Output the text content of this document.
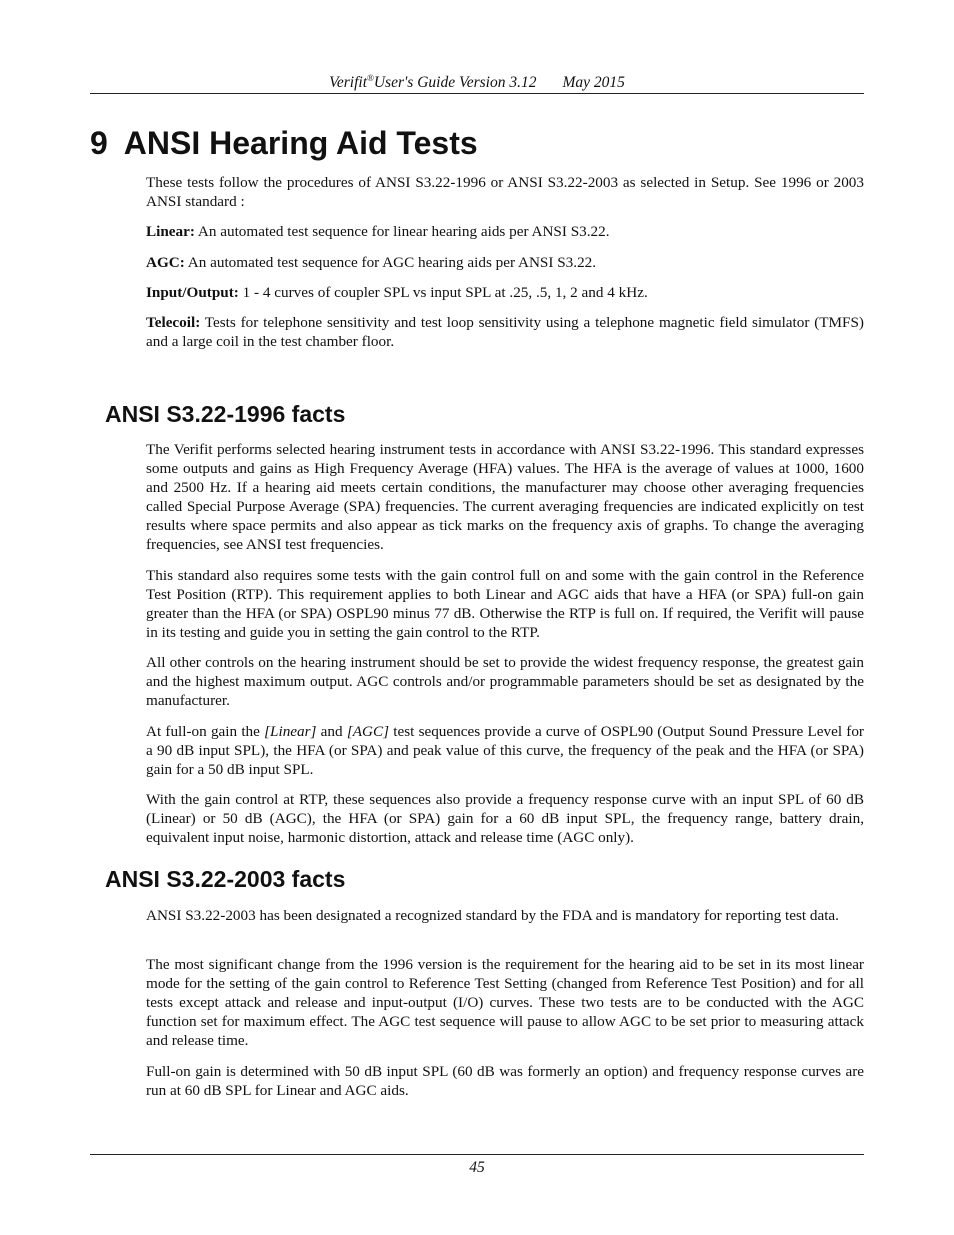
Verifit®User's Guide Version 3.12 May 2015
9 ANSI Hearing Aid Tests

These tests follow the procedures of ANSI S3.22-1996 or ANSI S3.22-2003 as selected in Setup. See 1996 or 2003 ANSI standard :

Linear: An automated test sequence for linear hearing aids per ANSI S3.22.

AGC: An automated test sequence for AGC hearing aids per ANSI S3.22.

Input/Output: 1 - 4 curves of coupler SPL vs input SPL at .25, .5, 1, 2 and 4 kHz.

Telecoil: Tests for telephone sensitivity and test loop sensitivity using a telephone magnetic field simulator (TMFS) and a large coil in the test chamber floor.

ANSI S3.22-1996 facts

The Verifit performs selected hearing instrument tests in accordance with ANSI S3.22-1996. This standard expresses some outputs and gains as High Frequency Average (HFA) values. The HFA is the average of values at 1000, 1600 and 2500 Hz. If a hearing aid meets certain conditions, the manufacturer may choose other averaging frequencies called Special Purpose Average (SPA) frequencies. The current averaging frequencies are indicated explicitly on test results where space permits and also appear as tick marks on the frequency axis of graphs. To change the averaging frequencies, see ANSI test frequencies.

This standard also requires some tests with the gain control full on and some with the gain control in the Reference Test Position (RTP). This requirement applies to both Linear and AGC aids that have a HFA (or SPA) full-on gain greater than the HFA (or SPA) OSPL90 minus 77 dB. Otherwise the RTP is full on. If required, the Verifit will pause in its testing and guide you in setting the gain control to the RTP.

All other controls on the hearing instrument should be set to provide the widest frequency response, the greatest gain and the highest maximum output. AGC controls and/or programmable parameters should be set as designated by the manufacturer.

At full-on gain the [Linear] and [AGC] test sequences provide a curve of OSPL90 (Output Sound Pressure Level for a 90 dB input SPL), the HFA (or SPA) and peak value of this curve, the frequency of the peak and the HFA (or SPA) gain for a 50 dB input SPL.

With the gain control at RTP, these sequences also provide a frequency response curve with an input SPL of 60 dB (Linear) or 50 dB (AGC), the HFA (or SPA) gain for a 60 dB input SPL, the frequency range, battery drain, equivalent input noise, harmonic distortion, attack and release time (AGC only).

ANSI S3.22-2003 facts

ANSI S3.22-2003 has been designated a recognized standard by the FDA and is mandatory for reporting test data.

The most significant change from the 1996 version is the requirement for the hearing aid to be set in its most linear mode for the setting of the gain control to Reference Test Setting (changed from Reference Test Position) and for all tests except attack and release and input-output (I/O) curves. These two tests are to be conducted with the AGC function set for maximum effect. The AGC test sequence will pause to allow AGC to be set prior to measuring attack and release time.

Full-on gain is determined with 50 dB input SPL (60 dB was formerly an option) and frequency response curves are run at 60 dB SPL for Linear and AGC aids.

45
